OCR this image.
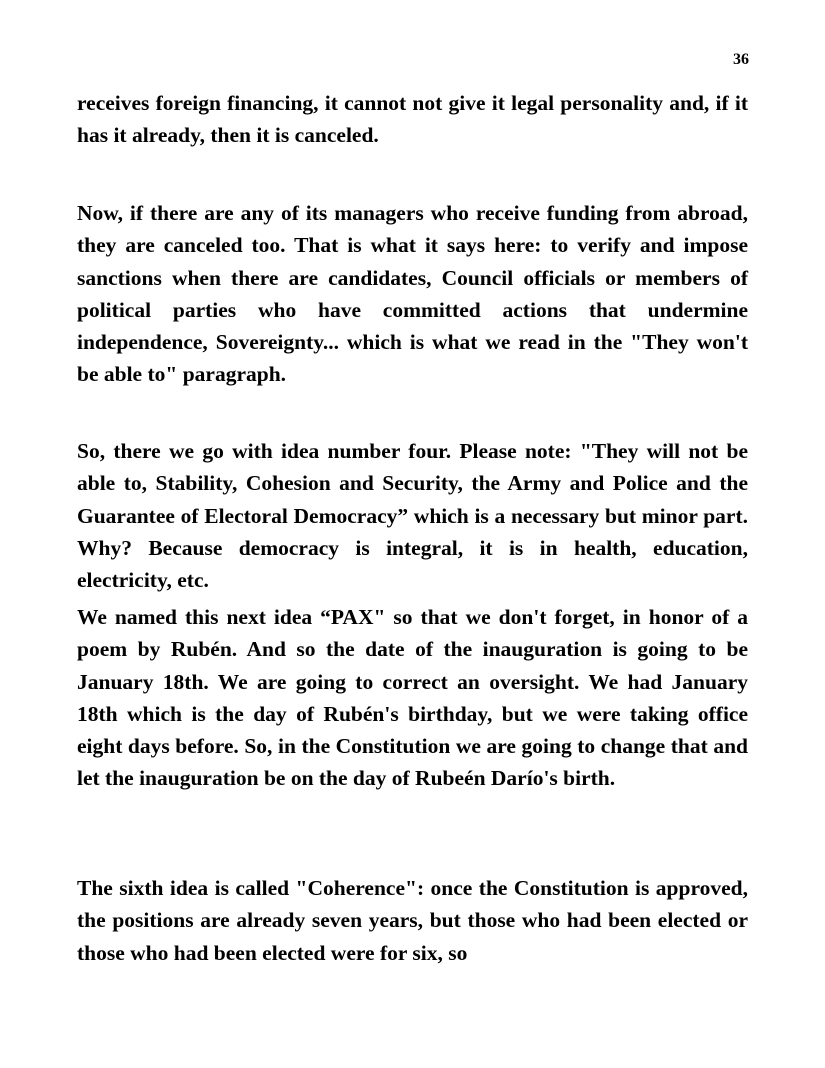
36

receives foreign financing, it cannot not give it legal personality and, if it has it already, then it is canceled.

Now, if there are any of its managers who receive funding from abroad, they are canceled too. That is what it says here: to verify and impose sanctions when there are candidates, Council officials or members of political parties who have committed actions that undermine independence, Sovereignty... which is what we read in the "They won't be able to" paragraph.

So, there we go with idea number four. Please note: "They will not be able to, Stability, Cohesion and Security, the Army and Police and the Guarantee of Electoral Democracy” which is a necessary but minor part. Why? Because democracy is integral, it is in health, education, electricity, etc.

We named this next idea “PAX" so that we don't forget, in honor of a poem by Rubén. And so the date of the inauguration is going to be January 18th. We are going to correct an oversight. We had January 18th which is the day of Rubén's birthday, but we were taking office eight days before. So, in the Constitution we are going to change that and let the inauguration be on the day of Rubeén Darío's birth.

The sixth idea is called "Coherence": once the Constitution is approved, the positions are already seven years, but those who had been elected or those who had been elected were for six, so
